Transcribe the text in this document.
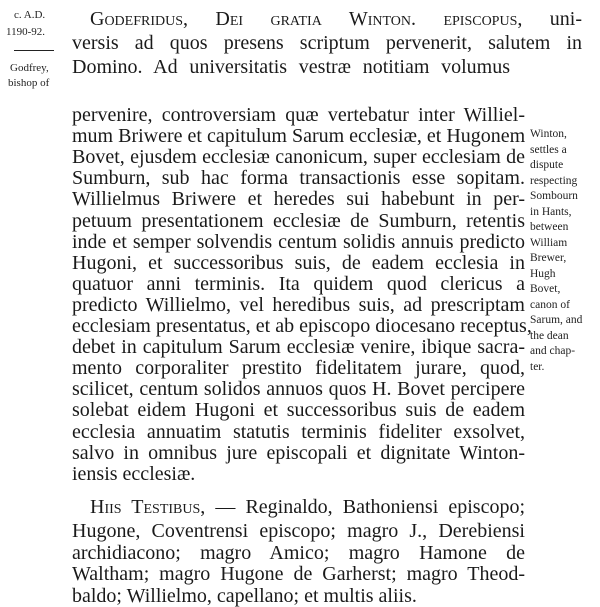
c. A.D.
1190-92.
Godfrey,
bishop of
Godefridus, Dei gratia Winton. episcopus, uni-
versis ad quos presens scriptum pervenerit, salutem in
Domino. Ad universitatis vestræ notitiam volumus
pervenire, controversiam quæ vertebatur inter Williel-
mum Briwere et capitulum Sarum ecclesiæ, et Hugonem
Bovet, ejusdem ecclesiæ canonicum, super ecclesiam de
Sumburn, sub hac forma transactionis esse sopitam.
Willielmus Briwere et heredes sui habebunt in per-
petuum presentationem ecclesiæ de Sumburn, retentis
inde et semper solvendis centum solidis annuis predicto
Hugoni, et successoribus suis, de eadem ecclesia in
quatuor anni terminis. Ita quidem quod clericus a
predicto Willielmo, vel heredibus suis, ad prescriptam
ecclesiam presentatus, et ab episcopo diocesano receptus,
debet in capitulum Sarum ecclesiæ venire, ibique sacra-
mento corporaliter prestito fidelitatem jurare, quod,
scilicet, centum solidos annuos quos H. Bovet percipere
solebat eidem Hugoni et successoribus suis de eadem
ecclesia annuatim statutis terminis fideliter exsolvet,
salvo in omnibus jure episcopali et dignitate Winton-
iensis ecclesiæ.
Hiis Testibus, — Reginaldo, Bathoniensi episcopo;
Hugone, Coventrensi episcopo; magro J., Derebiensi
archidiacono; magro Amico; magro Hamone de
Waltham; magro Hugone de Garherst; magro Theod-
baldo; Willielmo, capellano; et multis aliis.
Winton,
settles a
dispute
respecting
Sombourn
in Hants,
between
William
Brewer,
Hugh
Bovet,
canon of
Sarum, and
the dean
and chap-
ter.
